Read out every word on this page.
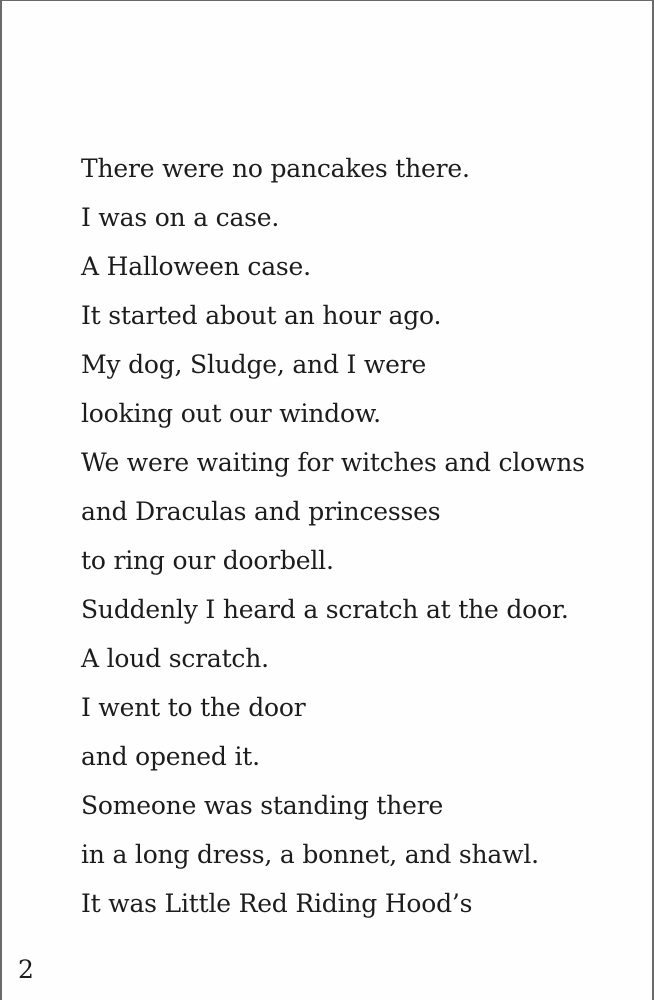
There were no pancakes there.
I was on a case.
A Halloween case.
It started about an hour ago.
My dog, Sludge, and I were
looking out our window.
We were waiting for witches and clowns
and Draculas and princesses
to ring our doorbell.
Suddenly I heard a scratch at the door.
A loud scratch.
I went to the door
and opened it.
Someone was standing there
in a long dress, a bonnet, and shawl.
It was Little Red Riding Hood’s
2
